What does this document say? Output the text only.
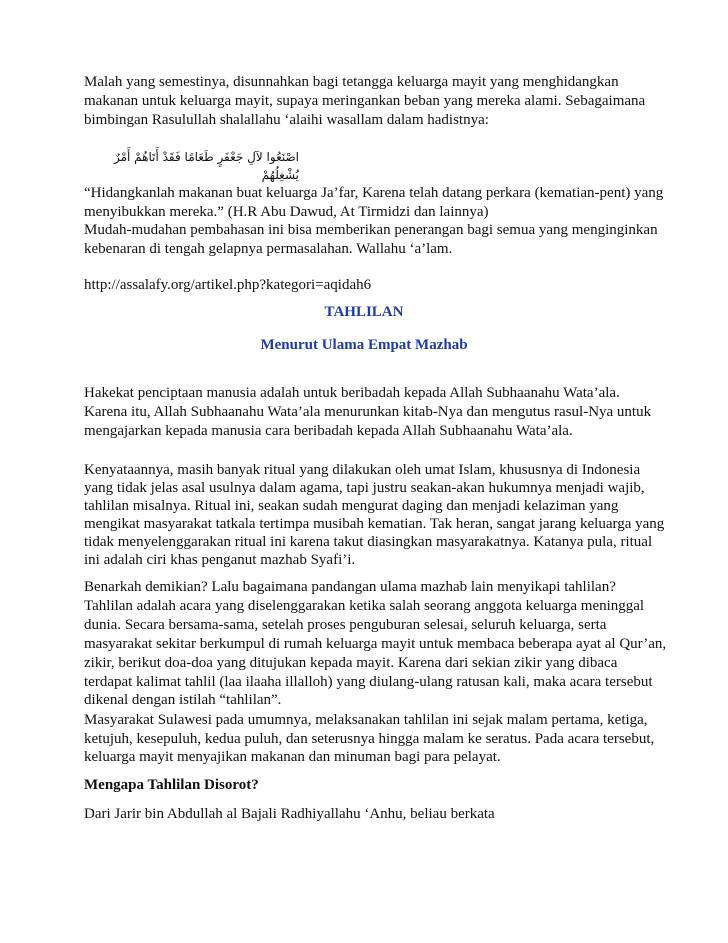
Malah yang semestinya, disunnahkan bagi tetangga keluarga mayit yang menghidangkan
makanan untuk keluarga mayit, supaya meringankan beban yang mereka alami. Sebagaimana
bimbingan Rasulullah shalallahu ‘alaihi wasallam dalam hadistnya:
اصْنَعُوا لآلِ جَعْفَرٍ طَعَامًا فَقَدْ أَتَاهُمْ أَمْرٌ يُشْغِلُهُمْ
“Hidangkanlah makanan buat keluarga Ja’far, Karena telah datang perkara (kematian-pent) yang
menyibukkan mereka.” (H.R Abu Dawud, At Tirmidzi dan lainnya)
Mudah-mudahan pembahasan ini bisa memberikan penerangan bagi semua yang menginginkan
kebenaran di tengah gelapnya permasalahan. Wallahu ‘a’lam.
http://assalafy.org/artikel.php?kategori=aqidah6
TAHLILAN
Menurut Ulama Empat Mazhab
Hakekat penciptaan manusia adalah untuk beribadah kepada Allah Subhaanahu Wata’ala.
Karena itu, Allah Subhaanahu Wata’ala menurunkan kitab-Nya dan mengutus rasul-Nya untuk
mengajarkan kepada manusia cara beribadah kepada Allah Subhaanahu Wata’ala.
Kenyataannya, masih banyak ritual yang dilakukan oleh umat Islam, khususnya di Indonesia
yang tidak jelas asal usulnya dalam agama, tapi justru seakan-akan hukumnya menjadi wajib,
tahlilan misalnya. Ritual ini, seakan sudah mengurat daging dan menjadi kelaziman yang
mengikat masyarakat tatkala tertimpa musibah kematian. Tak heran, sangat jarang keluarga yang
tidak menyelenggarakan ritual ini karena takut diasingkan masyarakatnya. Katanya pula, ritual
ini adalah ciri khas penganut mazhab Syafi’i.
Benarkah demikian? Lalu bagaimana pandangan ulama mazhab lain menyikapi tahlilan?
Tahlilan adalah acara yang diselenggarakan ketika salah seorang anggota keluarga meninggal
dunia. Secara bersama-sama, setelah proses penguburan selesai, seluruh keluarga, serta
masyarakat sekitar berkumpul di rumah keluarga mayit untuk membaca beberapa ayat al Qur’an,
zikir, berikut doa-doa yang ditujukan kepada mayit. Karena dari sekian zikir yang dibaca
terdapat kalimat tahlil (laa ilaaha illalloh) yang diulang-ulang ratusan kali, maka acara tersebut
dikenal dengan istilah “tahlilan”.
Masyarakat Sulawesi pada umumnya, melaksanakan tahlilan ini sejak malam pertama, ketiga,
ketujuh, kesepuluh, kedua puluh, dan seterusnya hingga malam ke seratus. Pada acara tersebut,
keluarga mayit menyajikan makanan dan minuman bagi para pelayat.
Mengapa Tahlilan Disorot?
Dari Jarir bin Abdullah al Bajali Radhiyallahu ‘Anhu, beliau berkata
